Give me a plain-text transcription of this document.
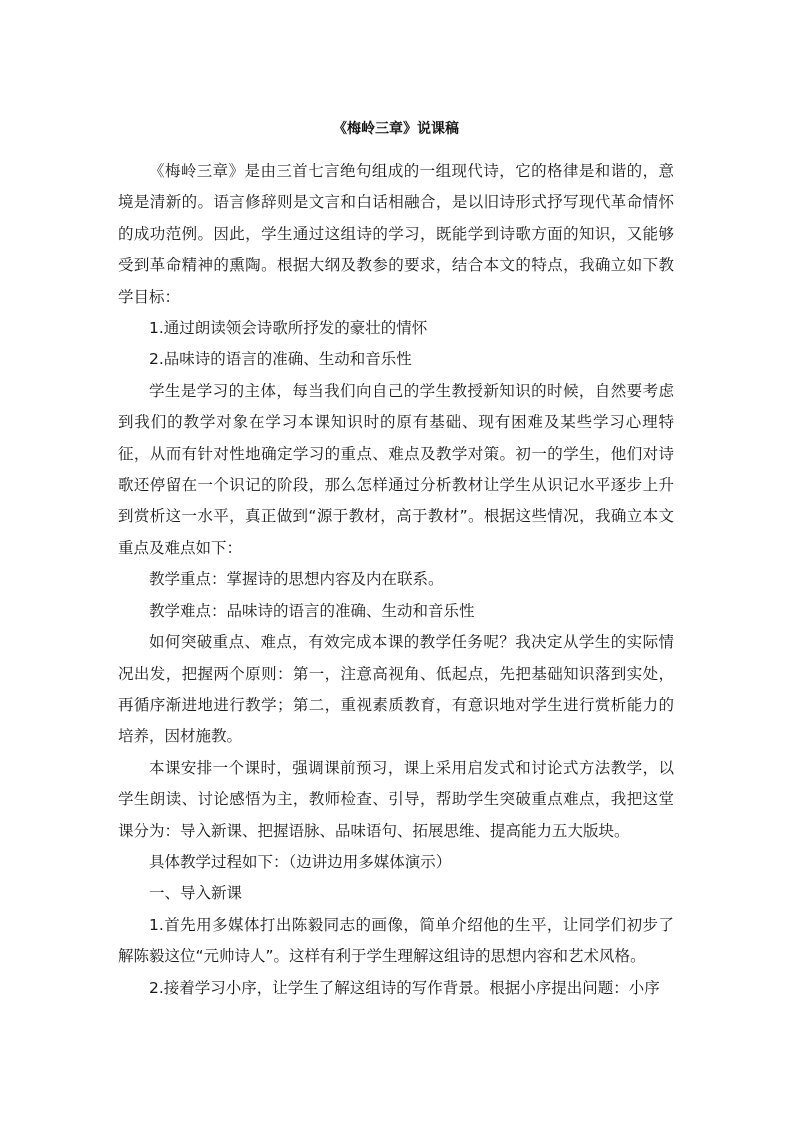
《梅岭三章》说课稿

《梅岭三章》是由三首七言绝句组成的一组现代诗，它的格律是和谐的，意境是清新的。语言修辞则是文言和白话相融合，是以旧诗形式抒写现代革命情怀的成功范例。因此，学生通过这组诗的学习，既能学到诗歌方面的知识，又能够受到革命精神的熏陶。根据大纲及教参的要求，结合本文的特点，我确立如下教学目标：

1.通过朗读领会诗歌所抒发的豪壮的情怀

2.品味诗的语言的准确、生动和音乐性

学生是学习的主体，每当我们向自己的学生教授新知识的时候，自然要考虑到我们的教学对象在学习本课知识时的原有基础、现有困难及某些学习心理特征，从而有针对性地确定学习的重点、难点及教学对策。初一的学生，他们对诗歌还停留在一个识记的阶段，那么怎样通过分析教材让学生从识记水平逐步上升到赏析这一水平，真正做到“源于教材，高于教材”。根据这些情况，我确立本文重点及难点如下：

教学重点：掌握诗的思想内容及内在联系。

教学难点：品味诗的语言的准确、生动和音乐性

如何突破重点、难点，有效完成本课的教学任务呢？我决定从学生的实际情况出发，把握两个原则：第一，注意高视角、低起点，先把基础知识落到实处，再循序渐进地进行教学；第二，重视素质教育，有意识地对学生进行赏析能力的培养，因材施教。

本课安排一个课时，强调课前预习，课上采用启发式和讨论式方法教学，以学生朗读、讨论感悟为主，教师检查、引导，帮助学生突破重点难点，我把这堂课分为：导入新课、把握语脉、品味语句、拓展思维、提高能力五大版块。

具体教学过程如下：（边讲边用多媒体演示）

一、导入新课

1.首先用多媒体打出陈毅同志的画像，简单介绍他的生平，让同学们初步了解陈毅这位“元帅诗人”。这样有利于学生理解这组诗的思想内容和艺术风格。

2.接着学习小序，让学生了解这组诗的写作背景。根据小序提出问题：小序
